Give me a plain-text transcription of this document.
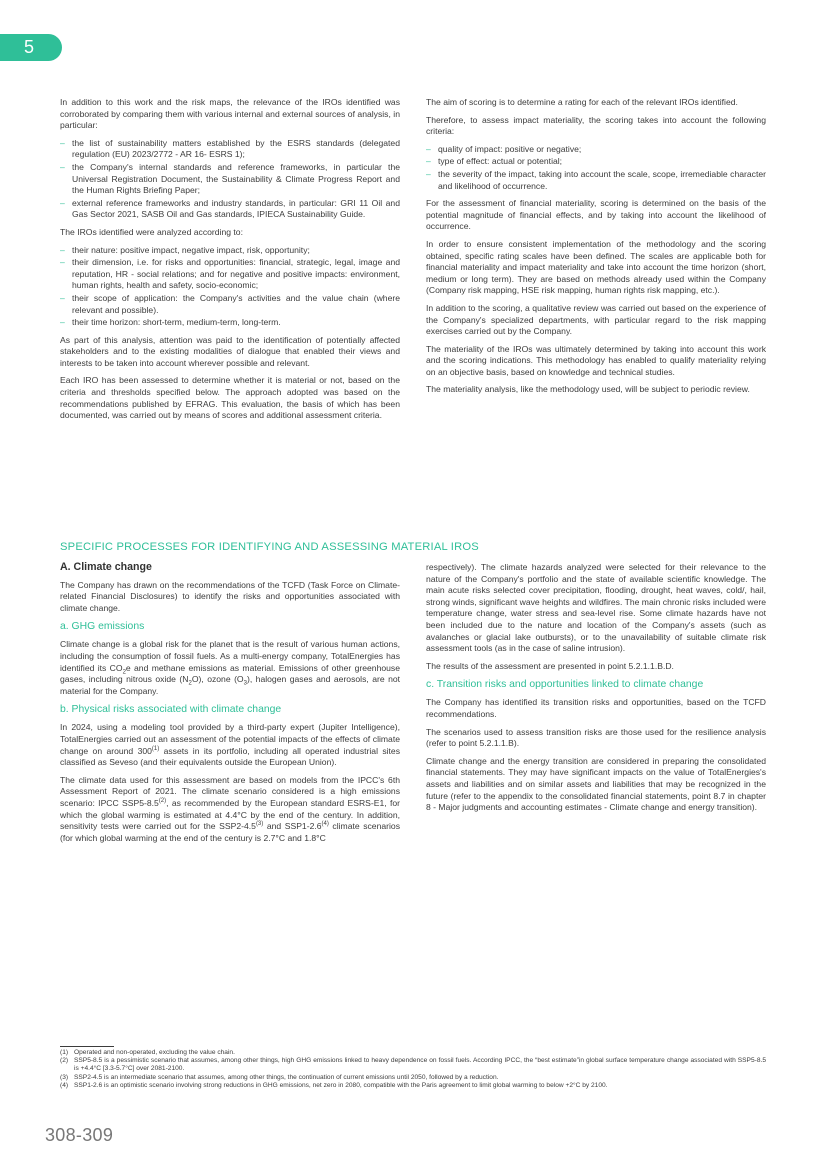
5

In addition to this work and the risk maps, the relevance of the IROs identified was corroborated by comparing them with various internal and external sources of analysis, in particular:

– the list of sustainability matters established by the ESRS standards (delegated regulation (EU) 2023/2772 - AR 16- ESRS 1);
– the Company's internal standards and reference frameworks, in particular the Universal Registration Document, the Sustainability & Climate Progress Report and the Human Rights Briefing Paper;
– external reference frameworks and industry standards, in particular: GRI 11 Oil and Gas Sector 2021, SASB Oil and Gas standards, IPIECA Sustainability Guide.

The IROs identified were analyzed according to:

– their nature: positive impact, negative impact, risk, opportunity;
– their dimension, i.e. for risks and opportunities: financial, strategic, legal, image and reputation, HR - social relations; and for negative and positive impacts: environment, human rights, health and safety, socio-economic;
– their scope of application: the Company's activities and the value chain (where relevant and possible).
– their time horizon: short-term, medium-term, long-term.

As part of this analysis, attention was paid to the identification of potentially affected stakeholders and to the existing modalities of dialogue that enabled their views and interests to be taken into account wherever possible and relevant.

Each IRO has been assessed to determine whether it is material or not, based on the criteria and thresholds specified below. The approach adopted was based on the recommendations published by EFRAG. This evaluation, the basis of which has been documented, was carried out by means of scores and additional assessment criteria.

The aim of scoring is to determine a rating for each of the relevant IROs identified.

Therefore, to assess impact materiality, the scoring takes into account the following criteria:

– quality of impact: positive or negative;
– type of effect: actual or potential;
– the severity of the impact, taking into account the scale, scope, irremediable character and likelihood of occurrence.

For the assessment of financial materiality, scoring is determined on the basis of the potential magnitude of financial effects, and by taking into account the likelihood of occurrence.

In order to ensure consistent implementation of the methodology and the scoring obtained, specific rating scales have been defined. The scales are applicable both for financial materiality and impact materiality and take into account the time horizon (short, medium or long term). They are based on methods already used within the Company (Company risk mapping, HSE risk mapping, human rights risk mapping, etc.).

In addition to the scoring, a qualitative review was carried out based on the experience of the Company's specialized departments, with particular regard to the risk mapping exercises carried out by the Company.

The materiality of the IROs was ultimately determined by taking into account this work and the scoring indications. This methodology has enabled to qualify materiality relying on an objective basis, based on knowledge and technical studies.

The materiality analysis, like the methodology used, will be subject to periodic review.

SPECIFIC PROCESSES FOR IDENTIFYING AND ASSESSING MATERIAL IROS
A. Climate change

The Company has drawn on the recommendations of the TCFD (Task Force on Climate-related Financial Disclosures) to identify the risks and opportunities associated with climate change.

a. GHG emissions

Climate change is a global risk for the planet that is the result of various human actions, including the consumption of fossil fuels. As a multi-energy company, TotalEnergies has identified its $CO_2e$ and methane emissions as material. Emissions of other greenhouse gases, including nitrous oxide $(N_2O)$, ozone $(O_3)$, halogen gases and aerosols, are not material for the Company.

b. Physical risks associated with climate change

In 2024, using a modeling tool provided by a third-party expert (Jupiter Intelligence), TotalEnergies carried out an assessment of the potential impacts of the effects of climate change on around 300$^{(1)}$ assets in its portfolio, including all operated industrial sites classified as Seveso (and their equivalents outside the European Union).

The climate data used for this assessment are based on models from the IPCC's 6th Assessment Report of 2021. The climate scenario considered is a high emissions scenario: IPCC SSP5-8.5$^{(2)}$, as recommended by the European standard ESRS-E1, for which the global warming is estimated at 4.4°C by the end of the century. In addition, sensitivity tests were carried out for the SSP2-4.5$^{(3)}$ and SSP1-2.6$^{(4)}$ climate scenarios (for which global warming at the end of the century is 2.7°C and 1.8°C

respectively). The climate hazards analyzed were selected for their relevance to the nature of the Company's portfolio and the state of available scientific knowledge. The main acute risks selected cover precipitation, flooding, drought, heat waves, cold/, hail, strong winds, significant wave heights and wildfires. The main chronic risks included were temperature change, water stress and sea-level rise. Some climate hazards have not been included due to the nature and location of the Company's assets (such as avalanches or glacial lake outbursts), or to the unavailability of suitable climate risk assessment tools (as in the case of saline intrusion).

The results of the assessment are presented in point 5.2.1.1.B.D.

c. Transition risks and opportunities linked to climate change

The Company has identified its transition risks and opportunities, based on the TCFD recommendations.

The scenarios used to assess transition risks are those used for the resilience analysis (refer to point 5.2.1.1.B).

Climate change and the energy transition are considered in preparing the consolidated financial statements. They may have significant impacts on the value of TotalEnergies's assets and liabilities and on similar assets and liabilities that may be recognized in the future (refer to the appendix to the consolidated financial statements, point 8.7 in chapter 8 - Major judgments and accounting estimates - Climate change and energy transition).

(1) Operated and non-operated, excluding the value chain.
(2) SSP5-8.5 is a pessimistic scenario that assumes, among other things, high GHG emissions linked to heavy dependence on fossil fuels. According IPCC, the “best estimate”in global surface temperature change associated with SSP5-8.5 is +4.4°C [3.3-5.7°C] over 2081-2100.
(3) SSP2-4.5 is an intermediate scenario that assumes, among other things, the continuation of current emissions until 2050, followed by a reduction.
(4) SSP1-2.6 is an optimistic scenario involving strong reductions in GHG emissions, net zero in 2080, compatible with the Paris agreement to limit global warming to below +2°C by 2100.
308-309
